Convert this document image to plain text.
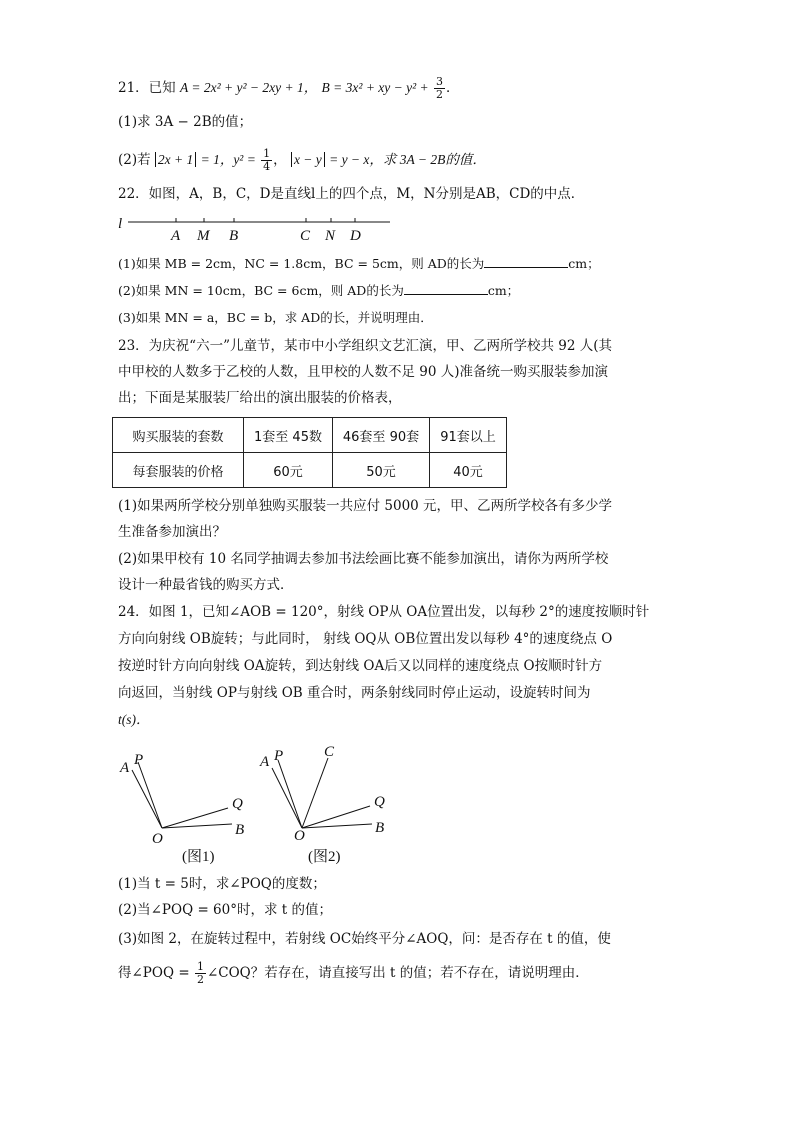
21．已知 A = 2x² + y² − 2xy + 1， B = 3x² + xy − $y^2 + \frac{3}{2}$ ．
(1)求 3A − 2B的值；
(2)若 2x + 1 = 1，$y^2 = \frac{1}{4}$ ， x − y = y − x，求 3A − 2B的值．
22．如图，A，B，C，D是直线l上的四个点，M，N分别是AB，CD的中点．
l
A M B	C N D
(1)如果 MB = 2cm，NC = 1.8cm，BC = 5cm，则 AD的长为	cm；
(2)如果 MN = 10cm，BC = 6cm，则 AD的长为	cm；
(3)如果 MN = a，BC = b，求 AD的长，并说明理由．
23．为庆祝“六一”儿童节，某市中小学组织文艺汇演，甲、乙两所学校共 92 人(其
中甲校的人数多于乙校的人数，且甲校的人数不足 90 人)准备统一购买服装参加演
出；下面是某服装厂给出的演出服装的价格表，
购买服装的套数	1套至 45数	46套至 90套	91套以上
每套服装的价格	60元	50元	40元
(1)如果两所学校分别单独购买服装一共应付 5000 元，甲、乙两所学校各有多少学
生准备参加演出？
(2)如果甲校有 10 名同学抽调去参加书法绘画比赛不能参加演出，请你为两所学校
设计一种最省钱的购买方式．
24．如图 1，已知∠AOB = 120°，射线 OP从 OA位置出发，以每秒 2°的速度按顺时针
方向向射线 OB旋转；与此同时， 射线 OQ从 OB位置出发以每秒 4°的速度绕点 O
按逆时针方向向射线 OA旋转，到达射线 OA后又以同样的速度绕点 O按顺时针方
向返回，当射线 OP与射线 OB 重合时，两条射线同时停止运动，设旋转时间为
t(s)．
A P
Q
O
B
(图1)
A P	C
Q
O	B
(图2)
(1)当 t = 5时，求∠POQ的度数；
(2)当∠POQ = 60°时，求 t 的值；
(3)如图 2，在旋转过程中，若射线 OC始终平分∠AOQ，问：是否存在 t 的值，使
得∠POQ = $\frac{1}{2}$ ∠COQ？若存在，请直接写出 t 的值；若不存在，请说明理由．
